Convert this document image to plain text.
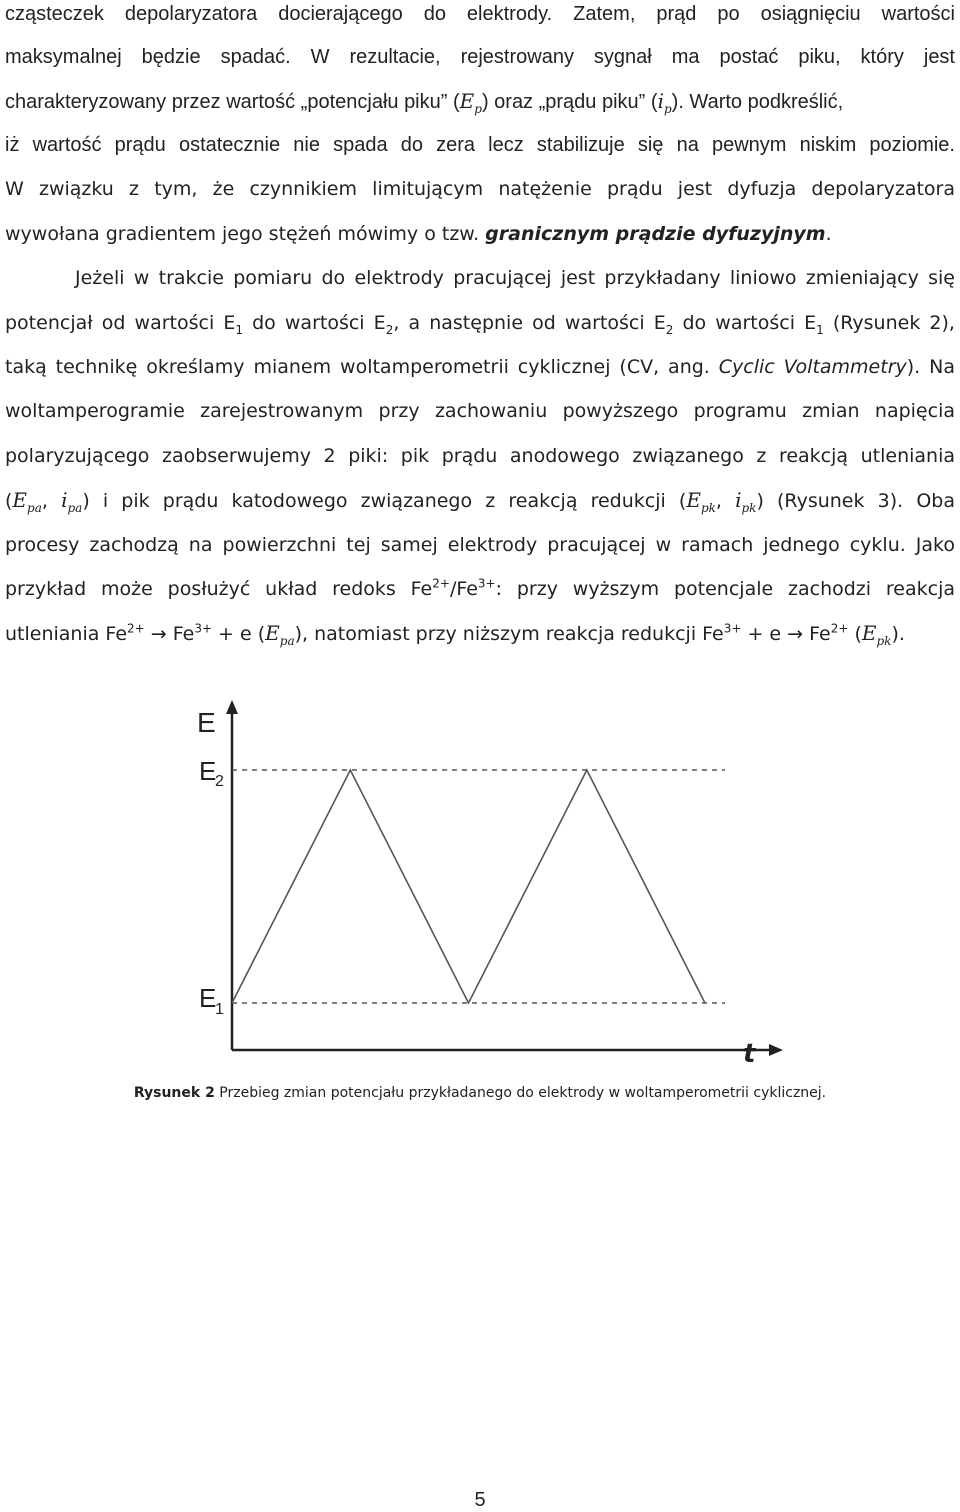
cząsteczek depolaryzatora docierającego do elektrody. Zatem, prąd po osiągnięciu wartości
maksymalnej będzie spadać. W rezultacie, rejestrowany sygnał ma postać piku, który jest
charakteryzowany przez wartość „potencjału piku” $(E_p)$ oraz „prądu piku” $(i_p)$. Warto podkreślić,
iż wartość prądu ostatecznie nie spada do zera lecz stabilizuje się na pewnym niskim poziomie.
W związku z tym, że czynnikiem limitującym natężenie prądu jest dyfuzja depolaryzatora
wywołana gradientem jego stężeń mówimy o tzw. granicznym prądzie dyfuzyjnym.
Jeżeli w trakcie pomiaru do elektrody pracującej jest przykładany liniowo zmieniający się
potencjał od wartości $E_1$ do wartości $E_2$, a następnie od wartości $E_2$ do wartości $E_1$ (Rysunek 2),
taką technikę określamy mianem woltamperometrii cyklicznej (CV, ang. Cyclic Voltammetry). Na
woltamperogramie zarejestrowanym przy zachowaniu powyższego programu zmian napięcia
polaryzującego zaobserwujemy 2 piki: pik prądu anodowego związanego z reakcją utleniania
($E_{pa}$, $i_{pa}$) i pik prądu katodowego związanego z reakcją redukcji ($E_{pk}$, $i_{pk}$) (Rysunek 3). Oba
procesy zachodzą na powierzchni tej samej elektrody pracującej w ramach jednego cyklu. Jako
przykład może posłużyć układ redoks $Fe^{2+}/Fe^{3+}$: przy wyższym potencjale zachodzi reakcja
utleniania $Fe^{2+} \to Fe^{3+} + e$ $(E_{pa})$, natomiast przy niższym reakcja redukcji $Fe^{3+} + e \to Fe^{2+}$ $(E_{pk})$.
E
E
2
E
1
t
Rysunek 2 Przebieg zmian potencjału przykładanego do elektrody w woltamperometrii cyklicznej.
5
